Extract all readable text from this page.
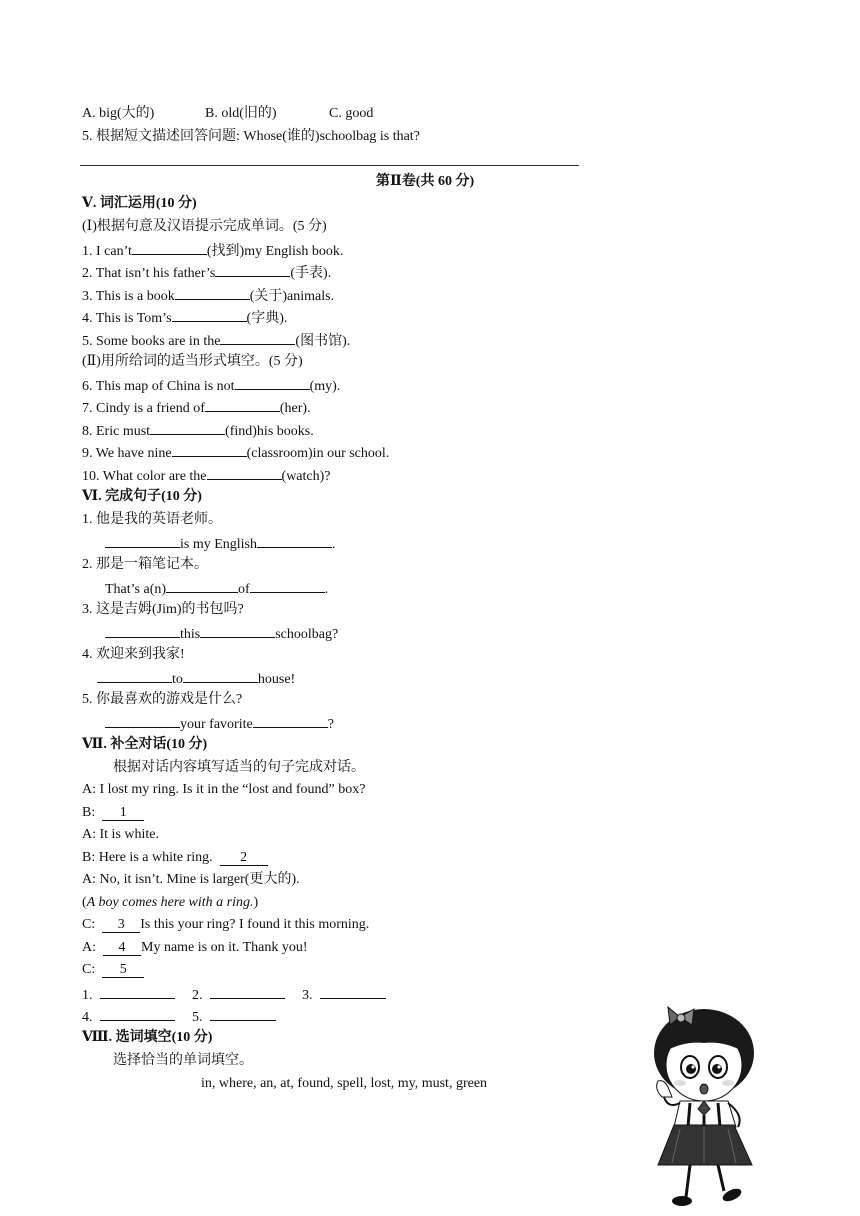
A. big(大的)	B. old(旧的)	C. good
5. 根据短文描述回答问题: Whose(谁的)schoolbag is that?
第Ⅱ卷(共 60 分)
Ⅴ. 词汇运用(10 分)
(Ⅰ)根据句意及汉语提示完成单词。(5 分)
1. I can’t	(找到)my English book.
2. That isn’t his father’s	(手表).
3. This is a book	(关于)animals.
4. This is Tom’s	(字典).
5. Some books are in the	(图书馆).
(Ⅱ)用所给词的适当形式填空。(5 分)
6. This map of China is not	(my).
7. Cindy is a friend of	(her).
8. Eric must	(find)his books.
9. We have nine	(classroom)in our school.
10. What color are the	(watch)?
Ⅵ. 完成句子(10 分)
1. 他是我的英语老师。
is my English	.
2. 那是一箱笔记本。
That’s a(n)	of	.
3. 这是吉姆(Jim)的书包吗?
this	schoolbag?
4. 欢迎来到我家!
to	house!
5. 你最喜欢的游戏是什么?
your favorite	?
Ⅶ. 补全对话(10 分)
根据对话内容填写适当的句子完成对话。
A: I lost my ring. Is it in the “lost and found” box?
B: 1
A: It is white.
B: Here is a white ring. 2
A: No, it isn’t. Mine is larger(更大的).
(A boy comes here with a ring.)
C: 3 Is this your ring? I found it this morning.
A: 4 My name is on it. Thank you!
C: 5
1.	2.	3.
4.	5.
Ⅷ. 选词填空(10 分)
选择恰当的单词填空。
in, where, an, at, found, spell, lost, my, must, green
